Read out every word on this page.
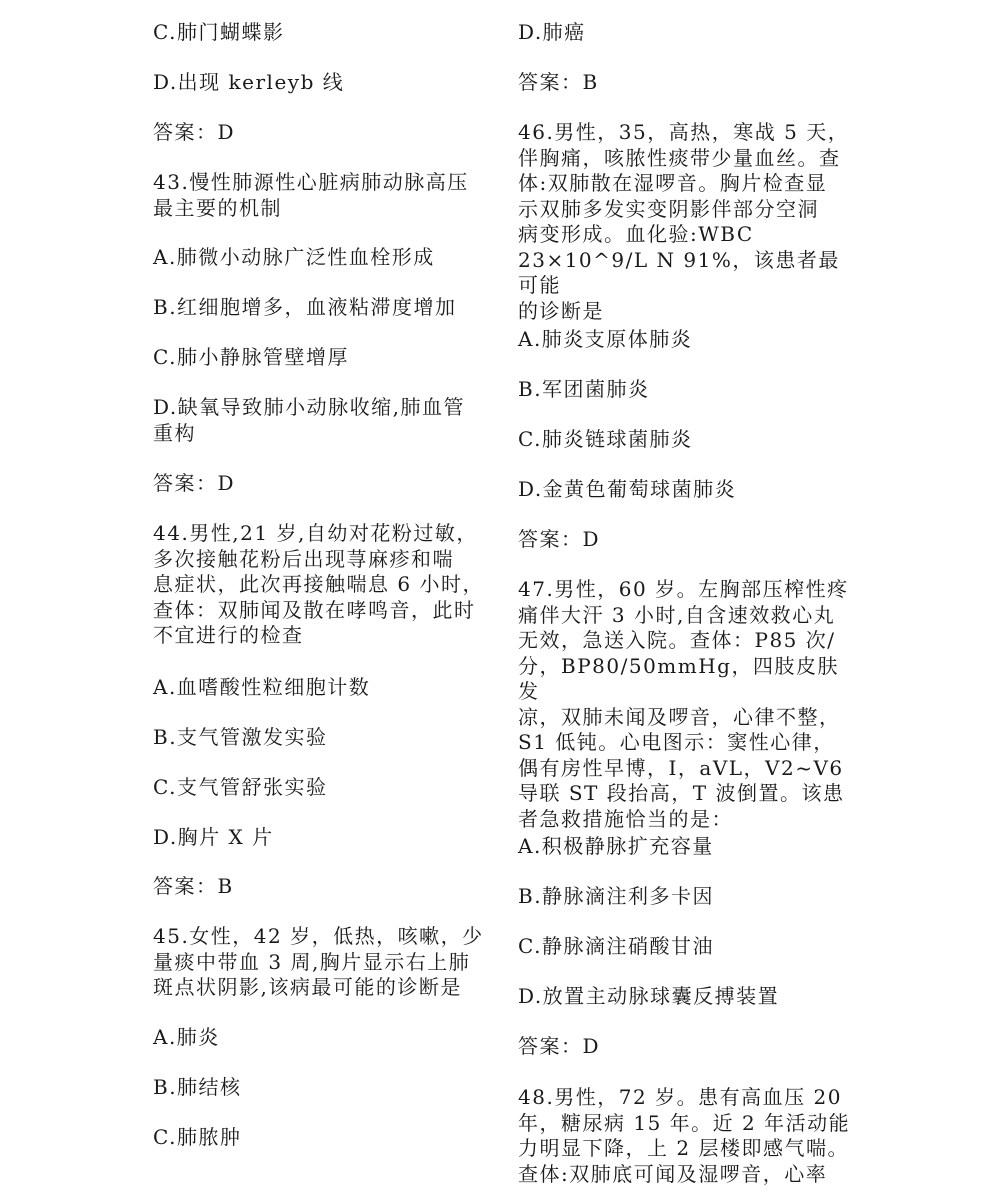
C.肺门蝴蝶影

D.出现 kerleyb 线

答案：D

43.慢性肺源性心脏病肺动脉高压
最主要的机制

A.肺微小动脉广泛性血栓形成

B.红细胞增多，血液粘滞度增加

C.肺小静脉管壁增厚

D.缺氧导致肺小动脉收缩,肺血管
重构

答案：D

44.男性,21 岁,自幼对花粉过敏，
多次接触花粉后出现荨麻疹和喘
息症状，此次再接触喘息 6 小时，
查体：双肺闻及散在哮鸣音，此时
不宜进行的检查

A.血嗜酸性粒细胞计数

B.支气管激发实验

C.支气管舒张实验

D.胸片 X 片

答案：B

45.女性，42 岁，低热，咳嗽，少
量痰中带血 3 周,胸片显示右上肺
斑点状阴影,该病最可能的诊断是

A.肺炎

B.肺结核

C.肺脓肿

D.肺癌

答案：B

46.男性，35，高热，寒战 5 天，
伴胸痛，咳脓性痰带少量血丝。查
体:双肺散在湿啰音。胸片检查显
示双肺多发实变阴影伴部分空洞
病变形成。血化验:WBC
23×10^9/L N 91%，该患者最可能
的诊断是

A.肺炎支原体肺炎

B.军团菌肺炎

C.肺炎链球菌肺炎

D.金黄色葡萄球菌肺炎

答案：D

47.男性，60 岁。左胸部压榨性疼
痛伴大汗 3 小时,自含速效救心丸
无效，急送入院。查体：P85 次/
分，BP80/50mmHg，四肢皮肤发
凉，双肺未闻及啰音，心律不整，
S1 低钝。心电图示：窦性心律，
偶有房性早博，I，aVL，V2~V6
导联 ST 段抬高，T 波倒置。该患
者急救措施恰当的是：

A.积极静脉扩充容量

B.静脉滴注利多卡因

C.静脉滴注硝酸甘油

D.放置主动脉球囊反搏装置

答案：D

48.男性，72 岁。患有高血压 20
年，糖尿病 15 年。近 2 年活动能
力明显下降，上 2 层楼即感气喘。
查体:双肺底可闻及湿啰音，心率
